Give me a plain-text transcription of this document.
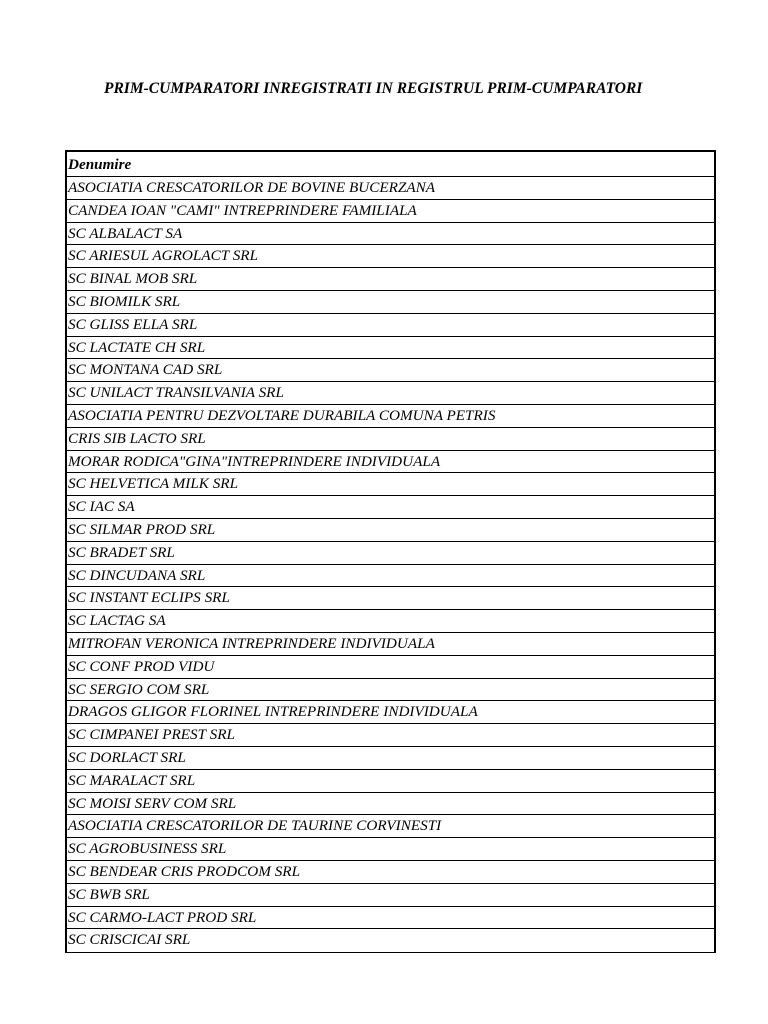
PRIM-CUMPARATORI INREGISTRATI IN REGISTRUL PRIM-CUMPARATORI
Denumire
ASOCIATIA CRESCATORILOR DE BOVINE BUCERZANA
CANDEA IOAN "CAMI" INTREPRINDERE FAMILIALA
SC ALBALACT SA
SC ARIESUL AGROLACT SRL
SC BINAL MOB SRL
SC BIOMILK SRL
SC GLISS ELLA SRL
SC LACTATE CH SRL
SC MONTANA CAD SRL
SC UNILACT TRANSILVANIA SRL
ASOCIATIA PENTRU DEZVOLTARE DURABILA COMUNA PETRIS
CRIS SIB LACTO SRL
MORAR RODICA"GINA"INTREPRINDERE INDIVIDUALA
SC HELVETICA MILK SRL
SC IAC SA
SC SILMAR PROD SRL
SC BRADET SRL
SC DINCUDANA SRL
SC INSTANT ECLIPS SRL
SC LACTAG SA
MITROFAN VERONICA INTREPRINDERE INDIVIDUALA
SC CONF PROD VIDU
SC SERGIO COM SRL
DRAGOS GLIGOR FLORINEL INTREPRINDERE INDIVIDUALA
SC CIMPANEI PREST SRL
SC DORLACT SRL
SC MARALACT SRL
SC MOISI SERV COM SRL
ASOCIATIA CRESCATORILOR DE TAURINE CORVINESTI
SC AGROBUSINESS SRL
SC BENDEAR CRIS PRODCOM SRL
SC BWB SRL
SC CARMO-LACT PROD SRL
SC CRISCICAI SRL
